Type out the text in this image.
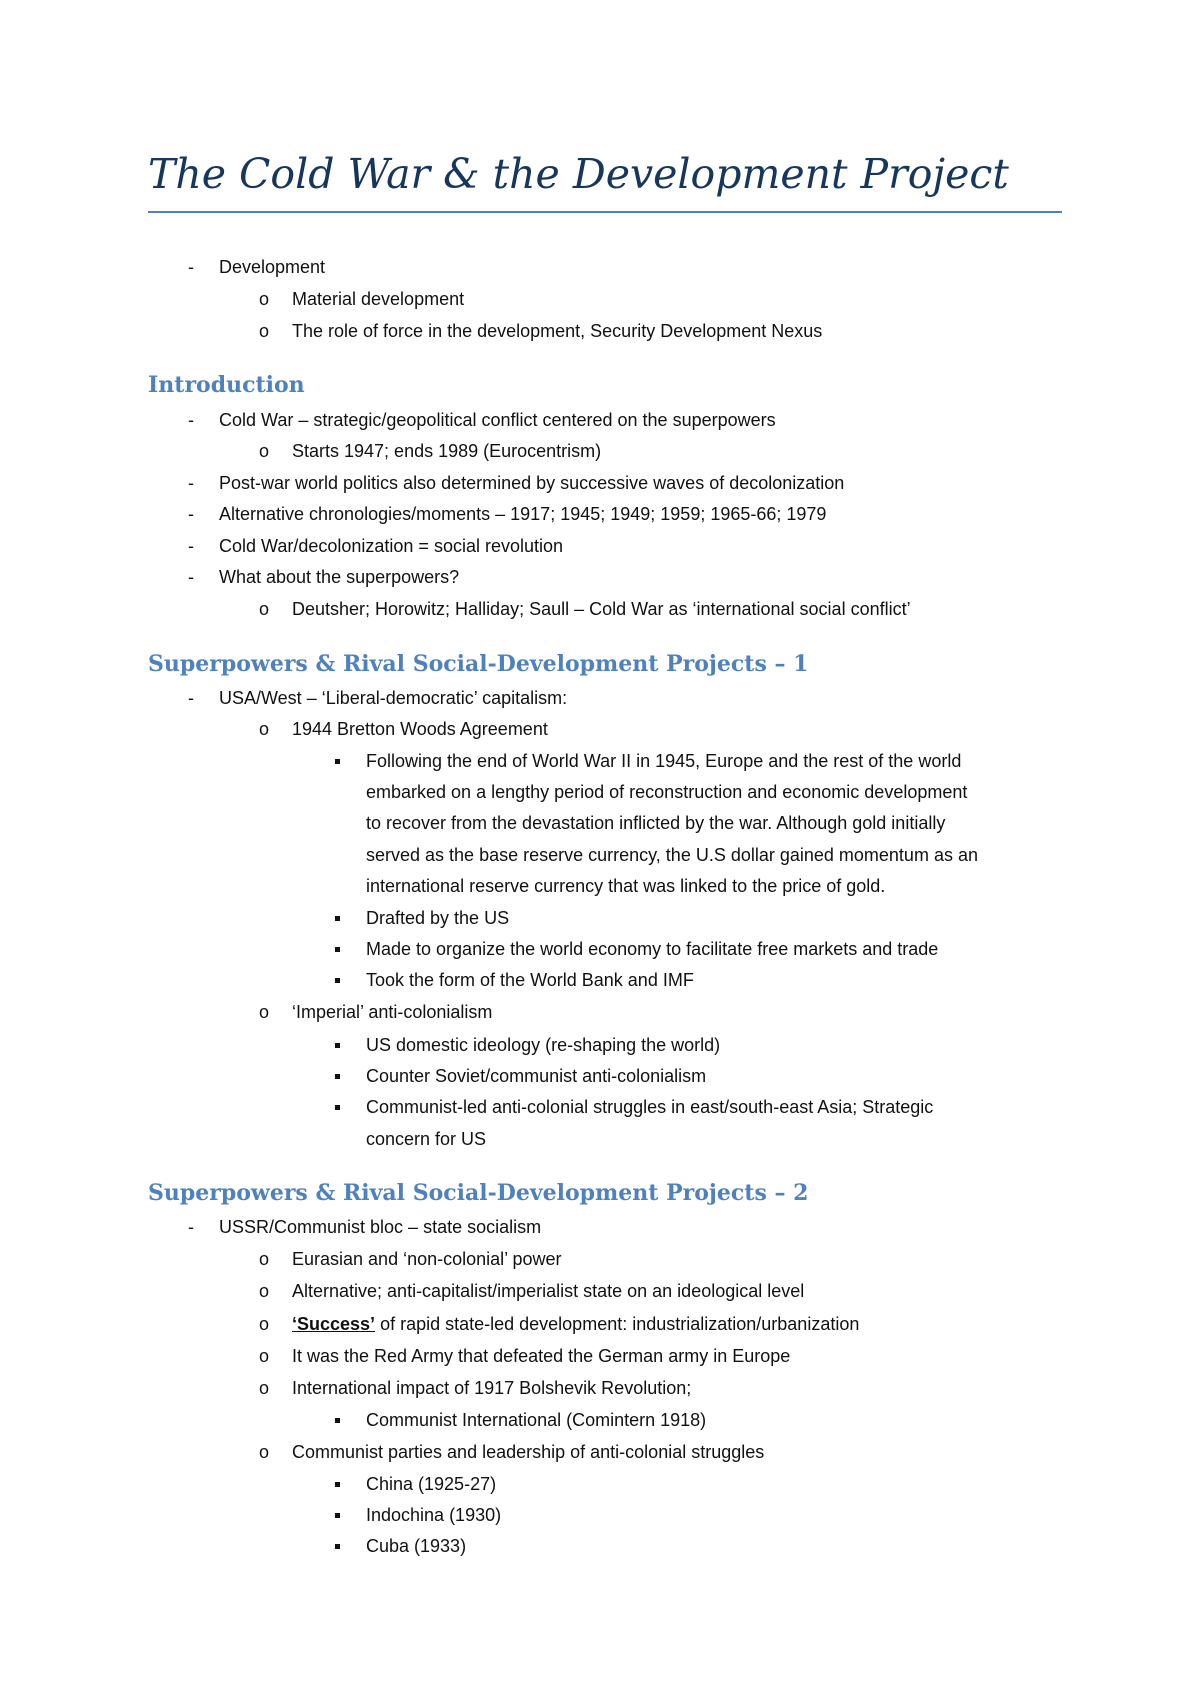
The Cold War & the Development Project
- Development
o Material development
o The role of force in the development, Security Development Nexus
Introduction
- Cold War – strategic/geopolitical conflict centered on the superpowers
o Starts 1947; ends 1989 (Eurocentrism)
- Post-war world politics also determined by successive waves of decolonization
- Alternative chronologies/moments – 1917; 1945; 1949; 1959; 1965-66; 1979
- Cold War/decolonization = social revolution
- What about the superpowers?
o Deutsher; Horowitz; Halliday; Saull – Cold War as ‘international social conflict’
Superpowers & Rival Social-Development Projects – 1
- USA/West – ‘Liberal-democratic’ capitalism:
o 1944 Bretton Woods Agreement
Following the end of World War II in 1945, Europe and the rest of the world
embarked on a lengthy period of reconstruction and economic development
to recover from the devastation inflicted by the war. Although gold initially
served as the base reserve currency, the U.S dollar gained momentum as an
international reserve currency that was linked to the price of gold.
Drafted by the US
Made to organize the world economy to facilitate free markets and trade
Took the form of the World Bank and IMF
o ‘Imperial’ anti-colonialism
US domestic ideology (re-shaping the world)
Counter Soviet/communist anti-colonialism
Communist-led anti-colonial struggles in east/south-east Asia; Strategic
concern for US
Superpowers & Rival Social-Development Projects – 2
- USSR/Communist bloc – state socialism
o Eurasian and ‘non-colonial’ power
o Alternative; anti-capitalist/imperialist state on an ideological level
o ‘Success’ of rapid state-led development: industrialization/urbanization
o It was the Red Army that defeated the German army in Europe
o International impact of 1917 Bolshevik Revolution;
Communist International (Comintern 1918)
o Communist parties and leadership of anti-colonial struggles
China (1925-27)
Indochina (1930)
Cuba (1933)
